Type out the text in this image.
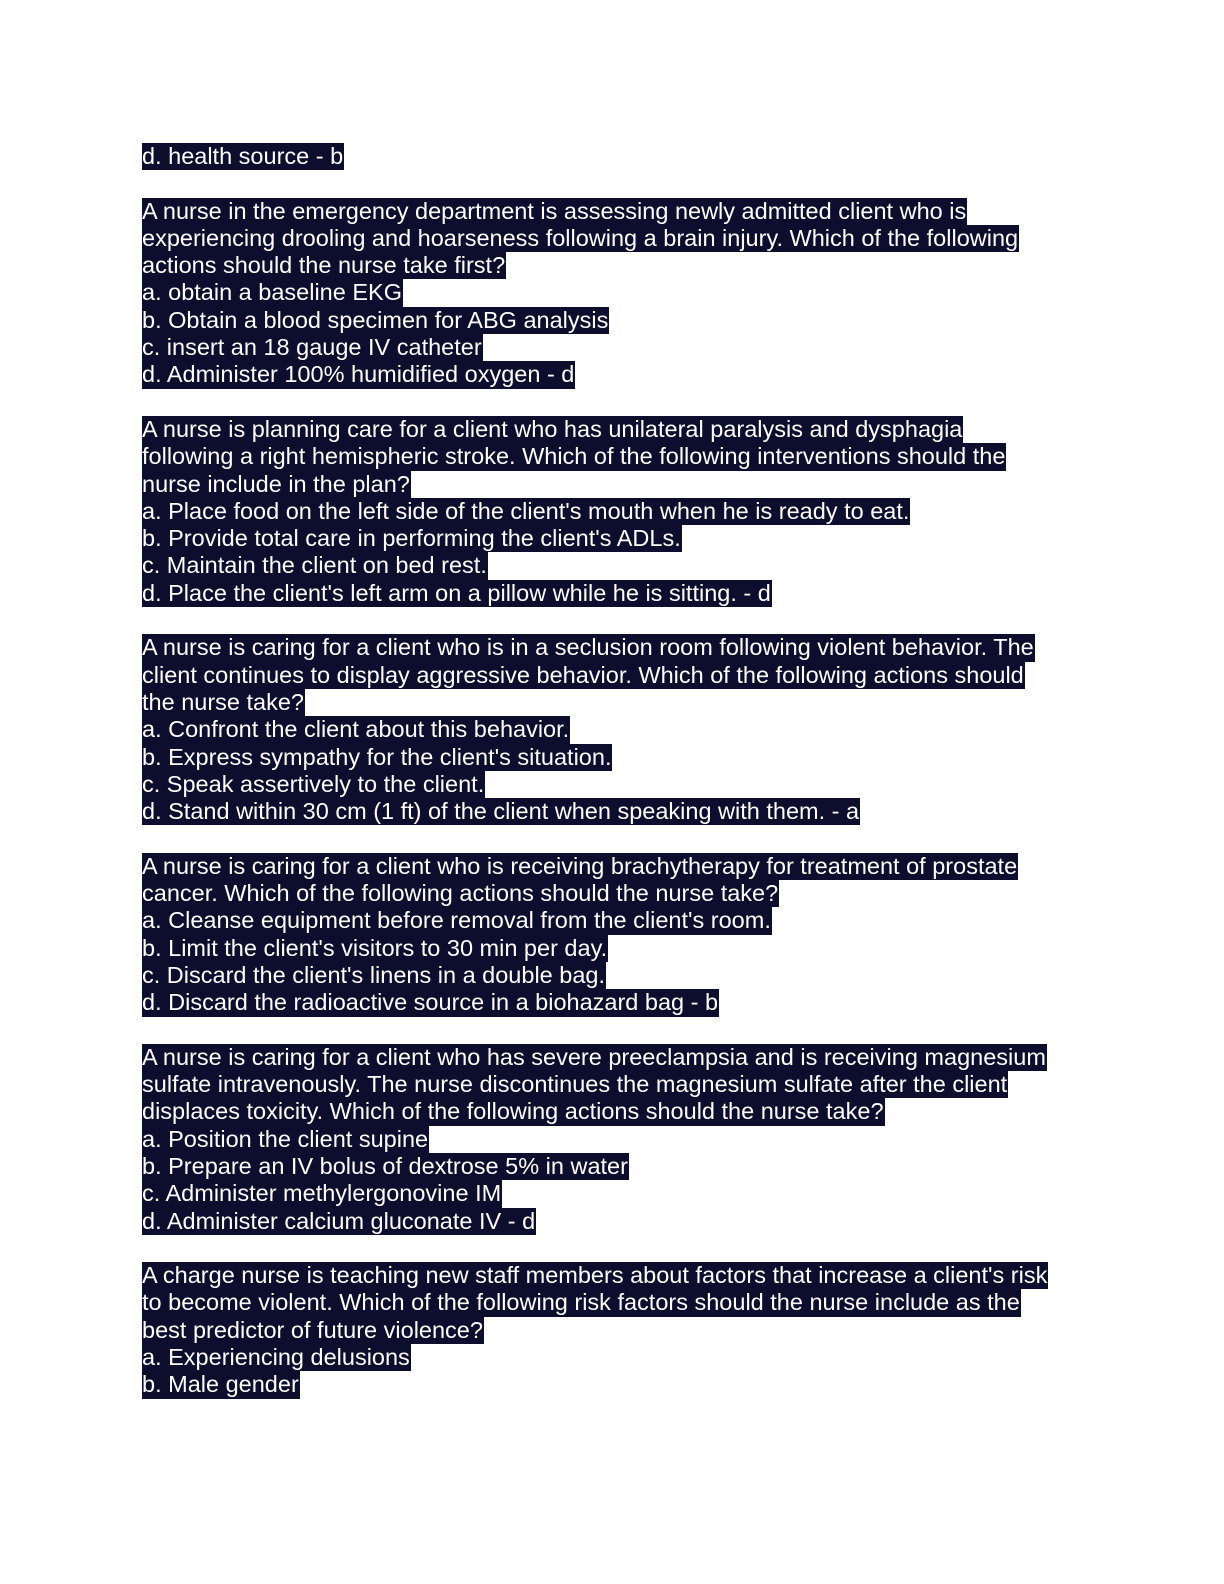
d. health source - b
A nurse in the emergency department is assessing newly admitted client who is
experiencing drooling and hoarseness following a brain injury. Which of the following
actions should the nurse take first?
a. obtain a baseline EKG
b. Obtain a blood specimen for ABG analysis
c. insert an 18 gauge IV catheter
d. Administer 100% humidified oxygen - d
A nurse is planning care for a client who has unilateral paralysis and dysphagia
following a right hemispheric stroke. Which of the following interventions should the
nurse include in the plan?
a. Place food on the left side of the client's mouth when he is ready to eat.
b. Provide total care in performing the client's ADLs.
c. Maintain the client on bed rest.
d. Place the client's left arm on a pillow while he is sitting. - d
A nurse is caring for a client who is in a seclusion room following violent behavior. The
client continues to display aggressive behavior. Which of the following actions should
the nurse take?
a. Confront the client about this behavior.
b. Express sympathy for the client's situation.
c. Speak assertively to the client.
d. Stand within 30 cm (1 ft) of the client when speaking with them. - a
A nurse is caring for a client who is receiving brachytherapy for treatment of prostate
cancer. Which of the following actions should the nurse take?
a. Cleanse equipment before removal from the client's room.
b. Limit the client's visitors to 30 min per day.
c. Discard the client's linens in a double bag.
d. Discard the radioactive source in a biohazard bag - b
A nurse is caring for a client who has severe preeclampsia and is receiving magnesium
sulfate intravenously. The nurse discontinues the magnesium sulfate after the client
displaces toxicity. Which of the following actions should the nurse take?
a. Position the client supine
b. Prepare an IV bolus of dextrose 5% in water
c. Administer methylergonovine IM
d. Administer calcium gluconate IV - d
A charge nurse is teaching new staff members about factors that increase a client's risk
to become violent. Which of the following risk factors should the nurse include as the
best predictor of future violence?
a. Experiencing delusions
b. Male gender
